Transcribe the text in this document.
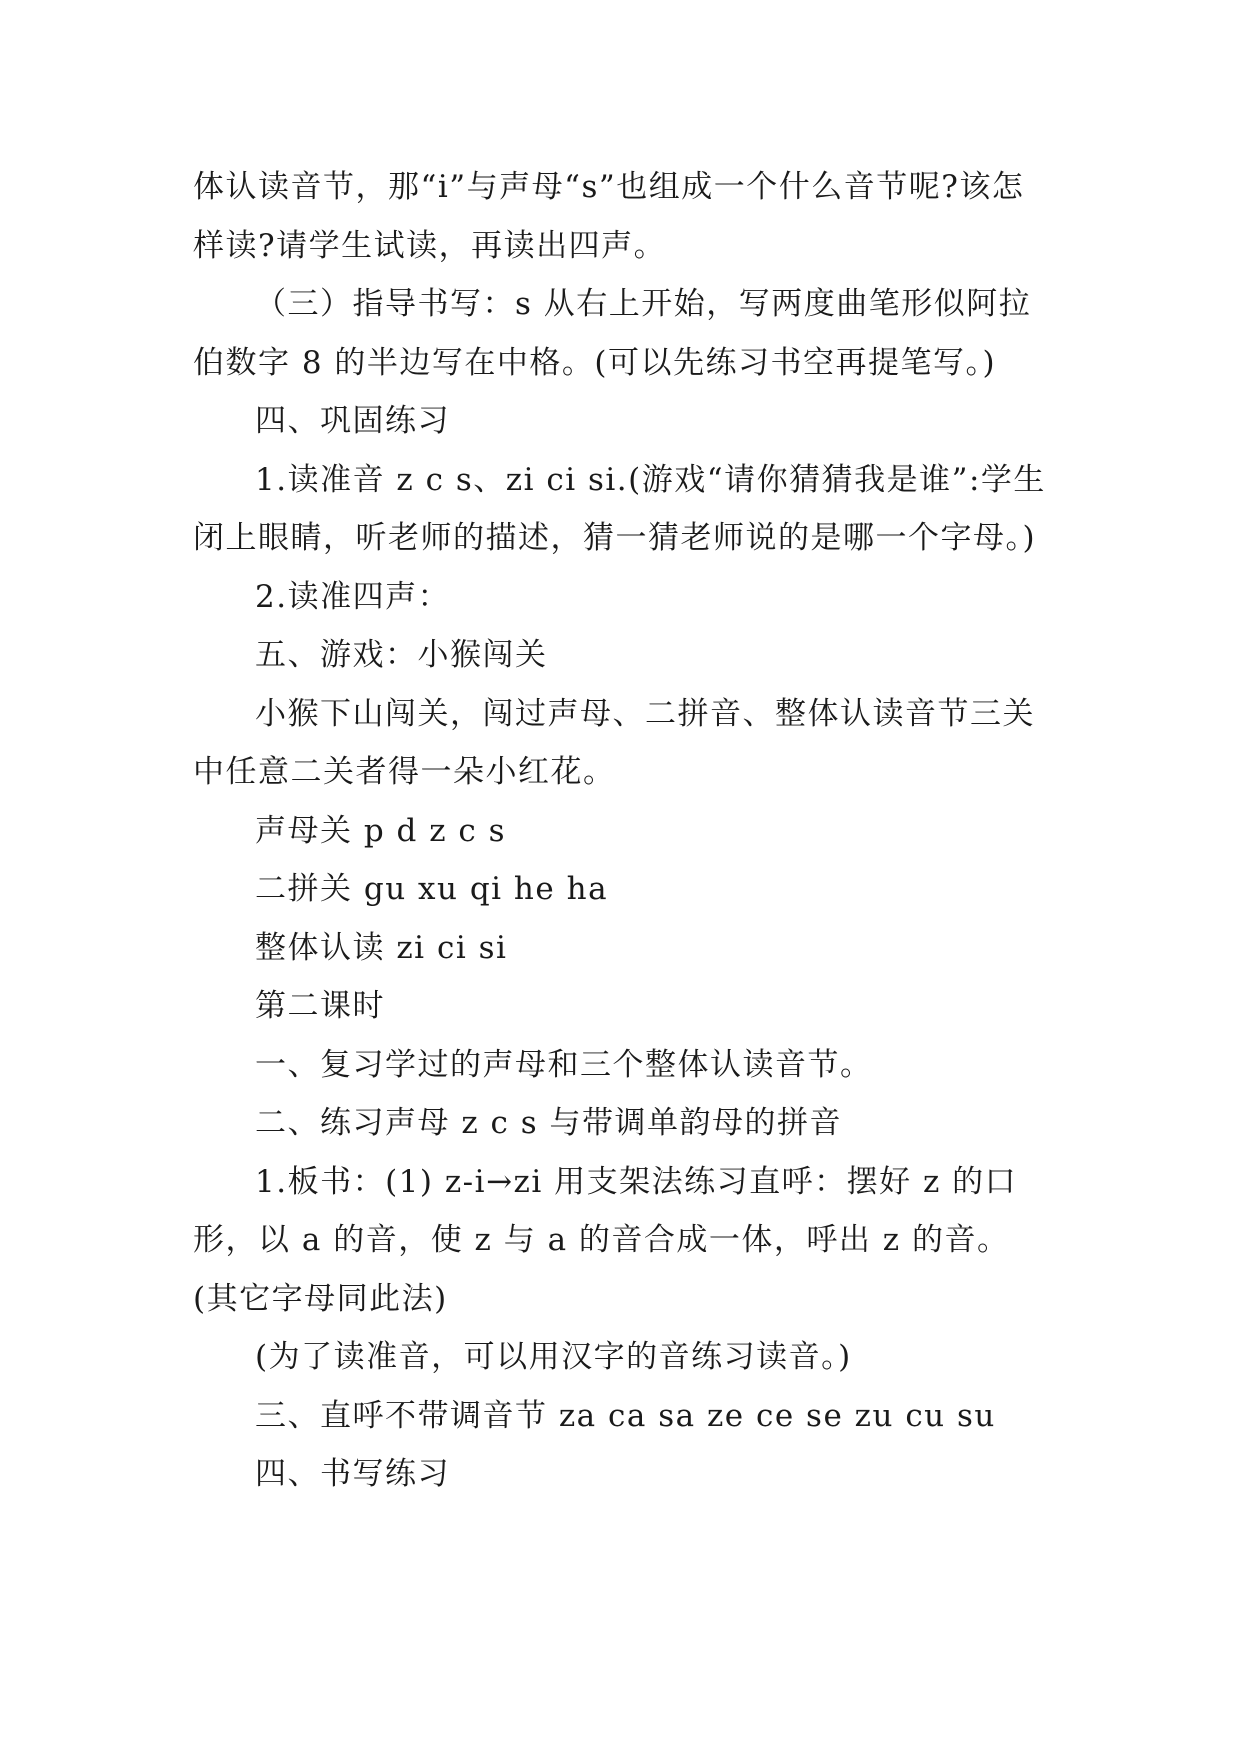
体认读音节，那“i”与声母“s”也组成一个什么音节呢?该怎样读?请学生试读，再读出四声。

（三）指导书写：s 从右上开始，写两度曲笔形似阿拉伯数字 8 的半边写在中格。(可以先练习书空再提笔写。)

四、巩固练习

1.读准音 z c s、zi ci si.(游戏“请你猜猜我是谁”:学生闭上眼睛，听老师的描述，猜一猜老师说的是哪一个字母。)

2.读准四声：

五、游戏：小猴闯关

小猴下山闯关，闯过声母、二拼音、整体认读音节三关中任意二关者得一朵小红花。

声母关 p d z c s

二拼关 gu xu qi he ha

整体认读 zi ci si

第二课时

一、复习学过的声母和三个整体认读音节。

二、练习声母 z c s 与带调单韵母的拼音

1.板书：(1) z-i→zi 用支架法练习直呼：摆好 z 的口形，以 a 的音，使 z 与 a 的音合成一体，呼出 z 的音。(其它字母同此法)

(为了读准音，可以用汉字的音练习读音。)

三、直呼不带调音节 za ca sa ze ce se zu cu su

四、书写练习
